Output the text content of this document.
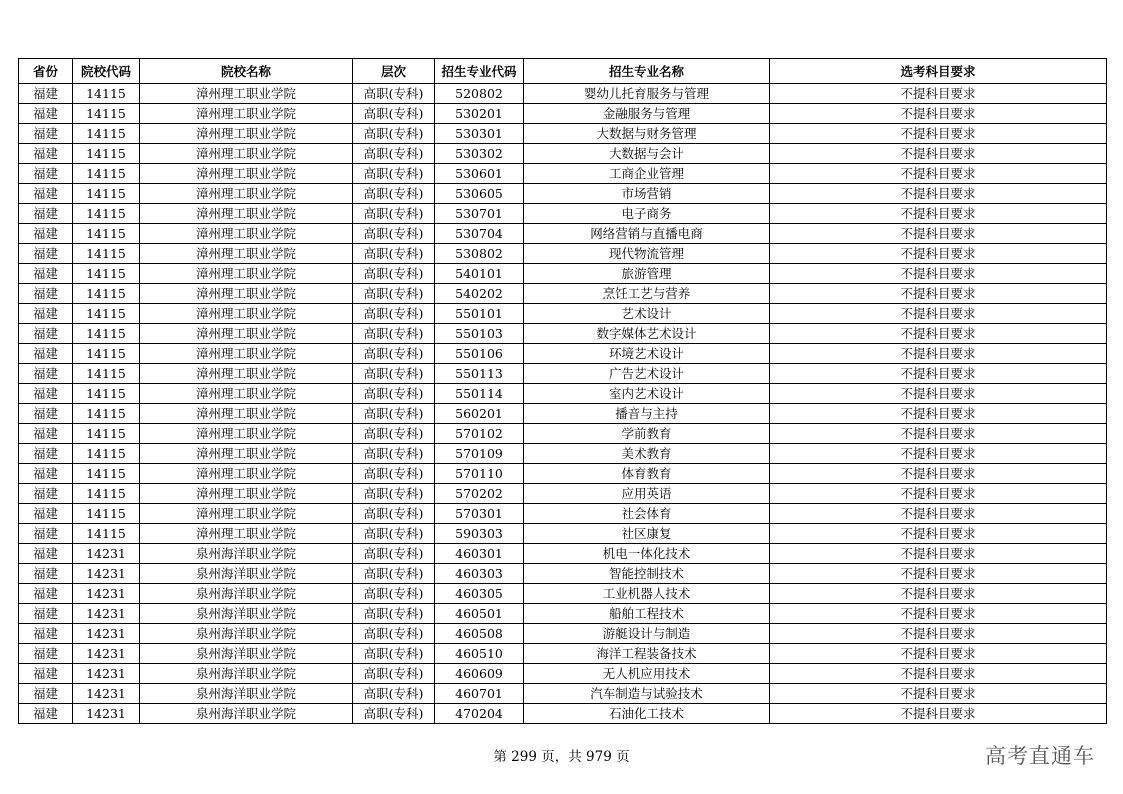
省份	院校代码	院校名称	层次	招生专业代码	招生专业名称	选考科目要求
福建	14115	漳州理工职业学院	高职(专科)	520802	婴幼儿托育服务与管理	不提科目要求
福建	14115	漳州理工职业学院	高职(专科)	530201	金融服务与管理	不提科目要求
福建	14115	漳州理工职业学院	高职(专科)	530301	大数据与财务管理	不提科目要求
福建	14115	漳州理工职业学院	高职(专科)	530302	大数据与会计	不提科目要求
福建	14115	漳州理工职业学院	高职(专科)	530601	工商企业管理	不提科目要求
福建	14115	漳州理工职业学院	高职(专科)	530605	市场营销	不提科目要求
福建	14115	漳州理工职业学院	高职(专科)	530701	电子商务	不提科目要求
福建	14115	漳州理工职业学院	高职(专科)	530704	网络营销与直播电商	不提科目要求
福建	14115	漳州理工职业学院	高职(专科)	530802	现代物流管理	不提科目要求
福建	14115	漳州理工职业学院	高职(专科)	540101	旅游管理	不提科目要求
福建	14115	漳州理工职业学院	高职(专科)	540202	烹饪工艺与营养	不提科目要求
福建	14115	漳州理工职业学院	高职(专科)	550101	艺术设计	不提科目要求
福建	14115	漳州理工职业学院	高职(专科)	550103	数字媒体艺术设计	不提科目要求
福建	14115	漳州理工职业学院	高职(专科)	550106	环境艺术设计	不提科目要求
福建	14115	漳州理工职业学院	高职(专科)	550113	广告艺术设计	不提科目要求
福建	14115	漳州理工职业学院	高职(专科)	550114	室内艺术设计	不提科目要求
福建	14115	漳州理工职业学院	高职(专科)	560201	播音与主持	不提科目要求
福建	14115	漳州理工职业学院	高职(专科)	570102	学前教育	不提科目要求
福建	14115	漳州理工职业学院	高职(专科)	570109	美术教育	不提科目要求
福建	14115	漳州理工职业学院	高职(专科)	570110	体育教育	不提科目要求
福建	14115	漳州理工职业学院	高职(专科)	570202	应用英语	不提科目要求
福建	14115	漳州理工职业学院	高职(专科)	570301	社会体育	不提科目要求
福建	14115	漳州理工职业学院	高职(专科)	590303	社区康复	不提科目要求
福建	14231	泉州海洋职业学院	高职(专科)	460301	机电一体化技术	不提科目要求
福建	14231	泉州海洋职业学院	高职(专科)	460303	智能控制技术	不提科目要求
福建	14231	泉州海洋职业学院	高职(专科)	460305	工业机器人技术	不提科目要求
福建	14231	泉州海洋职业学院	高职(专科)	460501	船舶工程技术	不提科目要求
福建	14231	泉州海洋职业学院	高职(专科)	460508	游艇设计与制造	不提科目要求
福建	14231	泉州海洋职业学院	高职(专科)	460510	海洋工程装备技术	不提科目要求
福建	14231	泉州海洋职业学院	高职(专科)	460609	无人机应用技术	不提科目要求
福建	14231	泉州海洋职业学院	高职(专科)	460701	汽车制造与试验技术	不提科目要求
福建	14231	泉州海洋职业学院	高职(专科)	470204	石油化工技术	不提科目要求
第 299 页，共 979 页	高考直通车
